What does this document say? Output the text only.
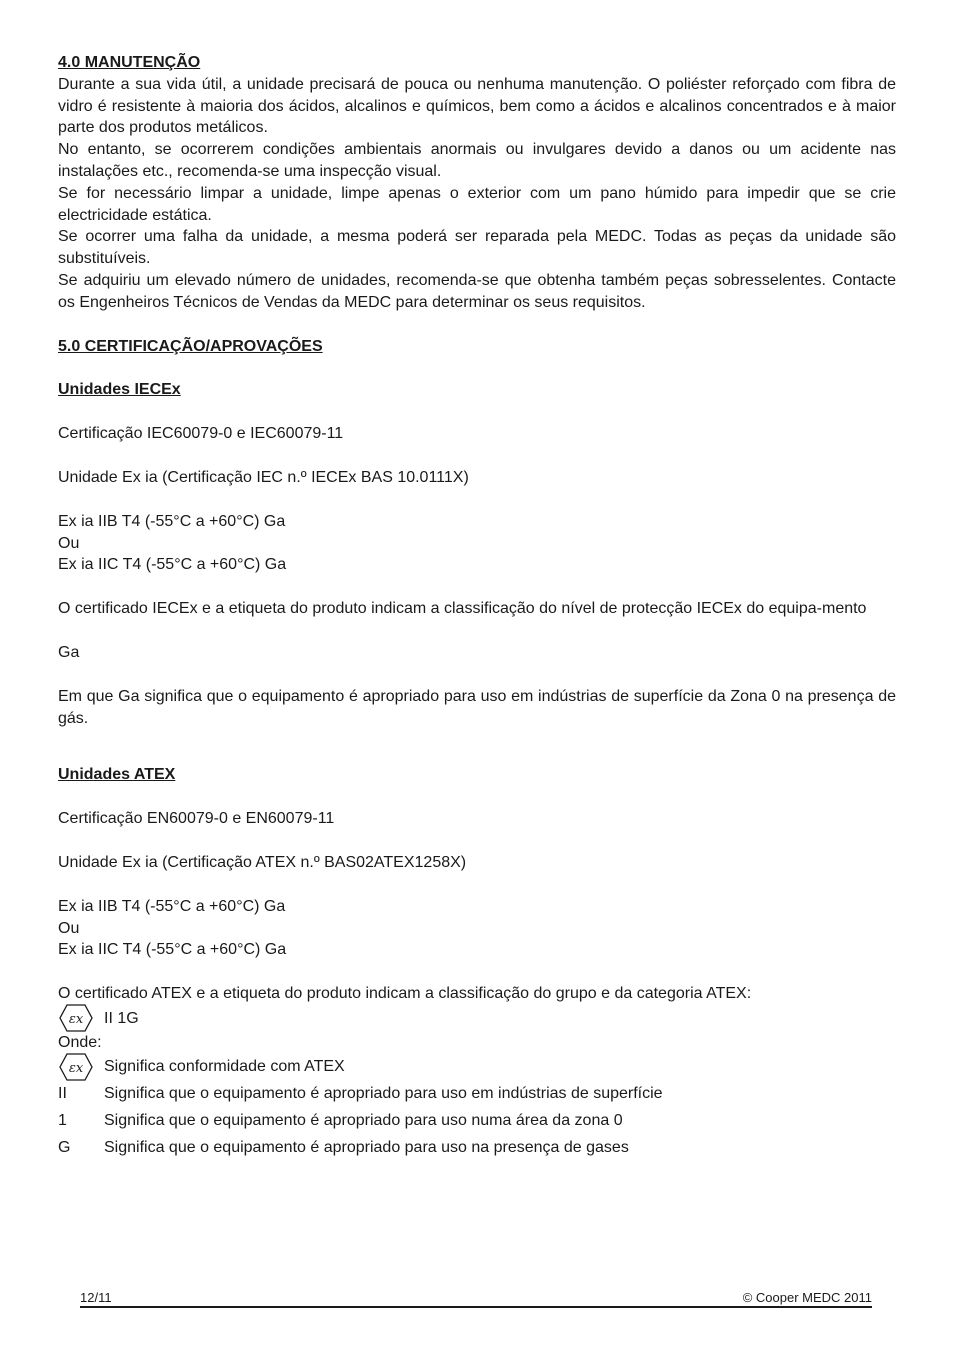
4.0 MANUTENÇÃO

Durante a sua vida útil, a unidade precisará de pouca ou nenhuma manutenção. O poliéster reforçado com fibra de vidro é resistente à maioria dos ácidos, alcalinos e químicos, bem como a ácidos e alcalinos concentrados e à maior parte dos produtos metálicos.

No entanto, se ocorrerem condições ambientais anormais ou invulgares devido a danos ou um acidente nas instalações etc., recomenda-se uma inspecção visual.

Se for necessário limpar a unidade, limpe apenas o exterior com um pano húmido para impedir que se crie electricidade estática.

Se ocorrer uma falha da unidade, a mesma poderá ser reparada pela MEDC. Todas as peças da unidade são substituíveis.

Se adquiriu um elevado número de unidades, recomenda-se que obtenha também peças sobresselentes. Contacte os Engenheiros Técnicos de Vendas da MEDC para determinar os seus requisitos.

5.0 CERTIFICAÇÃO/APROVAÇÕES

Unidades IECEx

Certificação IEC60079-0 e IEC60079-11

Unidade Ex ia (Certificação IEC n.º IECEx BAS 10.0111X)

Ex ia IIB T4 (-55°C a +60°C) Ga

Ou

Ex ia IIC T4 (-55°C a +60°C) Ga

O certificado IECEx e a etiqueta do produto indicam a classificação do nível de protecção IECEx do equipa-mento

Ga

Em que Ga significa que o equipamento é apropriado para uso em indústrias de superfície da Zona 0 na presença de gás.

Unidades ATEX

Certificação EN60079-0 e EN60079-11

Unidade Ex ia (Certificação ATEX n.º BAS02ATEX1258X)

Ex ia IIB T4 (-55°C a +60°C) Ga

Ou

Ex ia IIC T4 (-55°C a +60°C) Ga

O certificado ATEX e a etiqueta do produto indicam a classificação do grupo e da categoria ATEX:

εx II 1G

Onde:

εx Significa conformidade com ATEX
II	Significa que o equipamento é apropriado para uso em indústrias de superfície
1	Significa que o equipamento é apropriado para uso numa área da zona 0
G	Significa que o equipamento é apropriado para uso na presença de gases
12/11	© Cooper MEDC 2011
